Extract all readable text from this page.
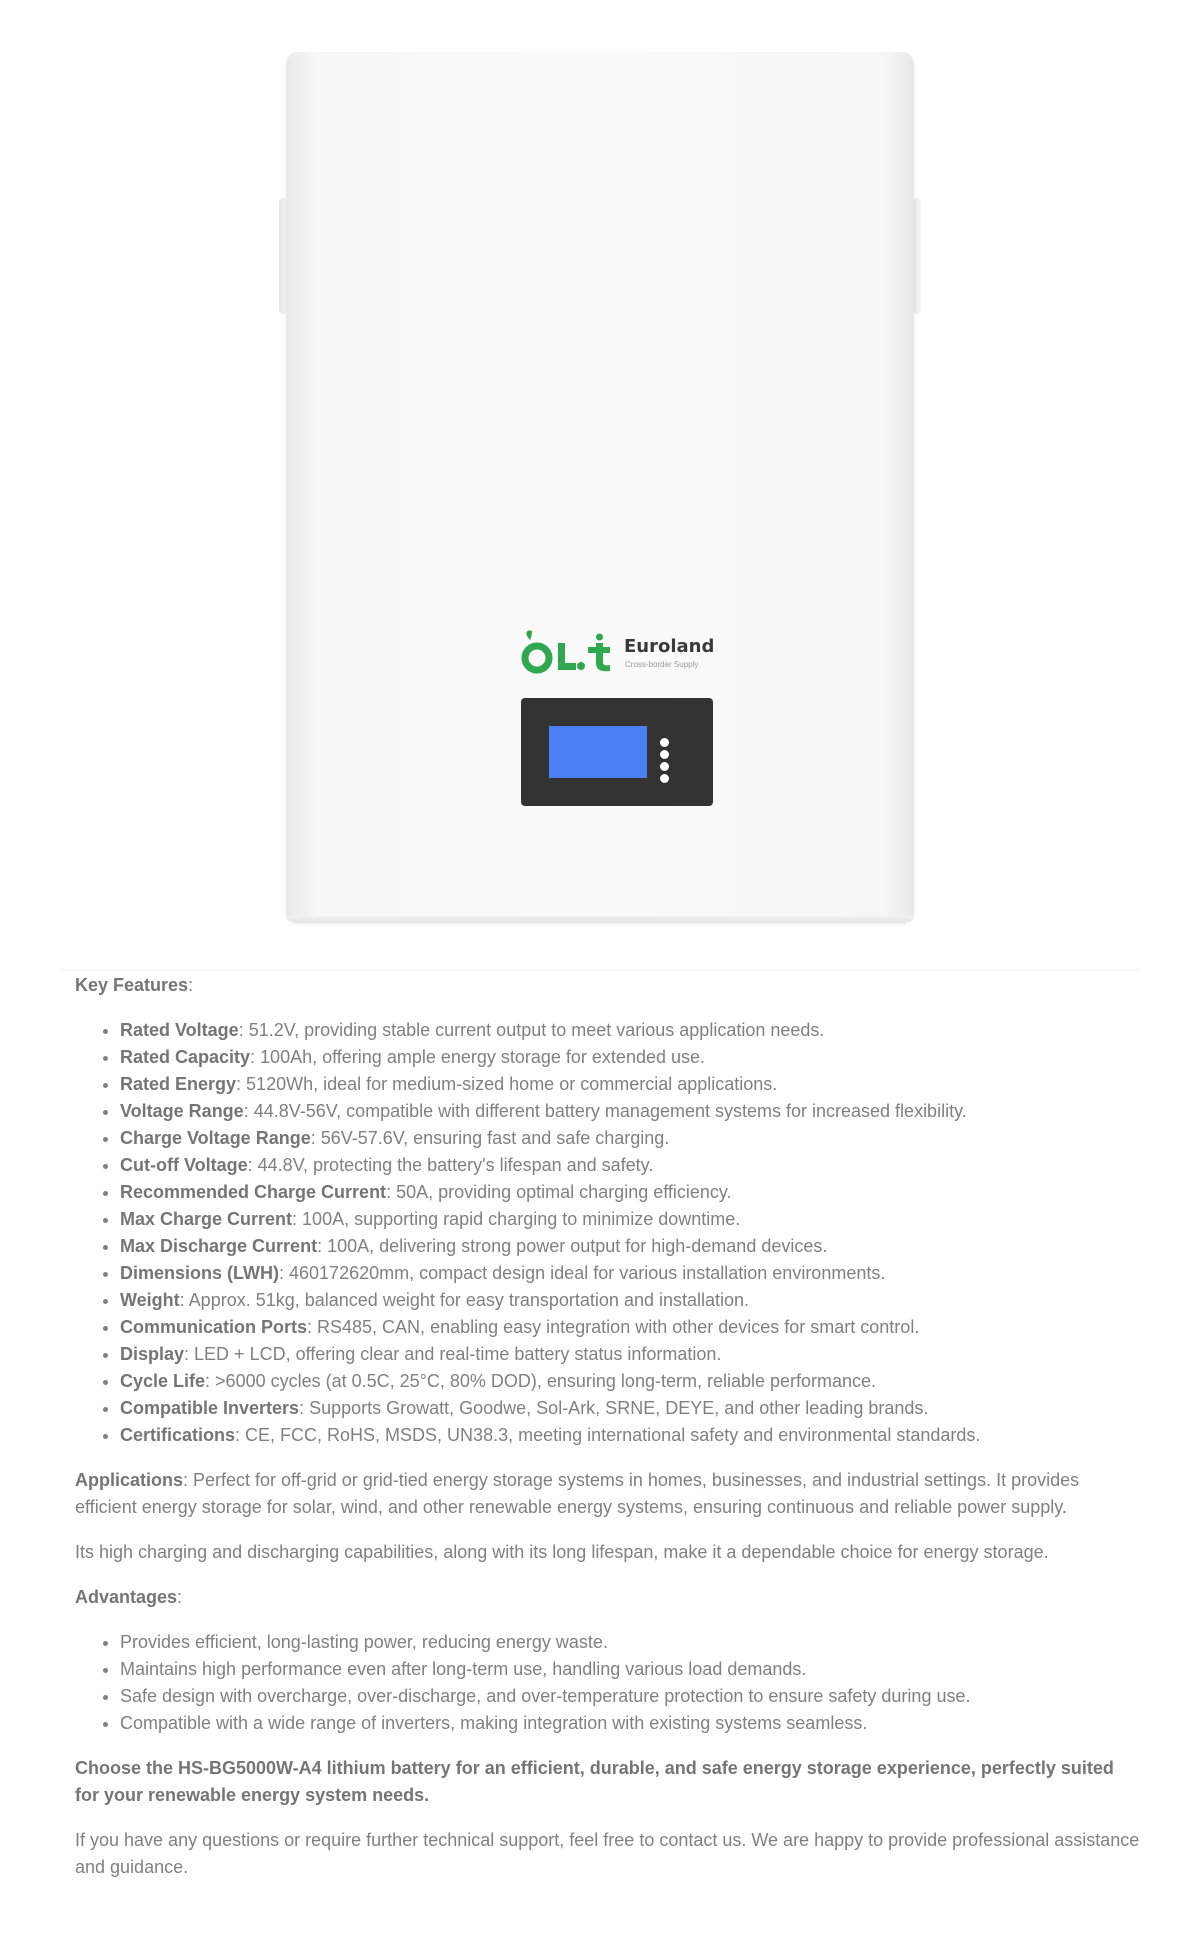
Euroland
Cross-border Supply

Key Features:

• Rated Voltage: 51.2V, providing stable current output to meet various application needs.
• Rated Capacity: 100Ah, offering ample energy storage for extended use.
• Rated Energy: 5120Wh, ideal for medium-sized home or commercial applications.
• Voltage Range: 44.8V-56V, compatible with different battery management systems for increased flexibility.
• Charge Voltage Range: 56V-57.6V, ensuring fast and safe charging.
• Cut-off Voltage: 44.8V, protecting the battery's lifespan and safety.
• Recommended Charge Current: 50A, providing optimal charging efficiency.
• Max Charge Current: 100A, supporting rapid charging to minimize downtime.
• Max Discharge Current: 100A, delivering strong power output for high-demand devices.
• Dimensions (LWH): 460172620mm, compact design ideal for various installation environments.
• Weight: Approx. 51kg, balanced weight for easy transportation and installation.
• Communication Ports: RS485, CAN, enabling easy integration with other devices for smart control.
• Display: LED + LCD, offering clear and real-time battery status information.
• Cycle Life: >6000 cycles (at 0.5C, 25°C, 80% DOD), ensuring long-term, reliable performance.
• Compatible Inverters: Supports Growatt, Goodwe, Sol-Ark, SRNE, DEYE, and other leading brands.
• Certifications: CE, FCC, RoHS, MSDS, UN38.3, meeting international safety and environmental standards.

Applications: Perfect for off-grid or grid-tied energy storage systems in homes, businesses, and industrial settings. It provides efficient energy storage for solar, wind, and other renewable energy systems, ensuring continuous and reliable power supply.

Its high charging and discharging capabilities, along with its long lifespan, make it a dependable choice for energy storage.

Advantages:

• Provides efficient, long-lasting power, reducing energy waste.
• Maintains high performance even after long-term use, handling various load demands.
• Safe design with overcharge, over-discharge, and over-temperature protection to ensure safety during use.
• Compatible with a wide range of inverters, making integration with existing systems seamless.

Choose the HS-BG5000W-A4 lithium battery for an efficient, durable, and safe energy storage experience, perfectly suited for your renewable energy system needs.

If you have any questions or require further technical support, feel free to contact us. We are happy to provide professional assistance and guidance.
